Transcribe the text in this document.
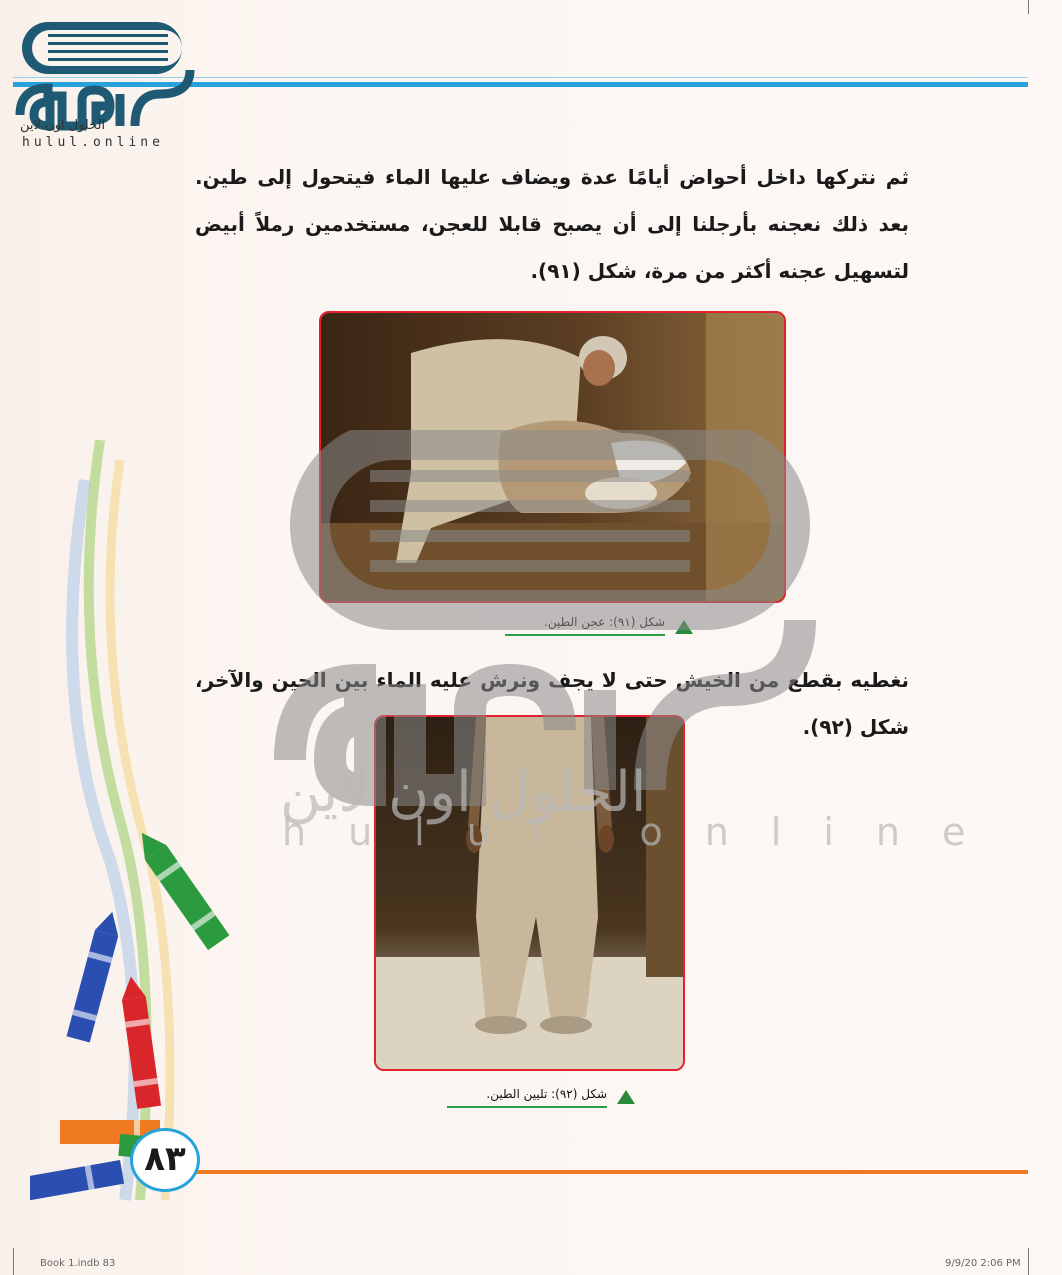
الحلول اون لاين
hulul.online
ثم نتركها داخل أحواض أيامًا عدة ويضاف عليها الماء فيتحول إلى طين. بعد ذلك نعجنه بأرجلنا إلى أن يصبح قابلا للعجن، مستخدمين رملاً أبيض لتسهيل عجنه أكثر من مرة، شكل (٩١).
شكل (٩١): عجن الطين.
نغطيه بقطع من الخيش حتى لا يجف ونرش عليه الماء بين الحين والآخر، شكل (٩٢).
شكل (٩٢): تليين الطين.
الحلول اون لاين
hulul.online
٨٣
Book 1.indb 83	9/9/20 2:06 PM
